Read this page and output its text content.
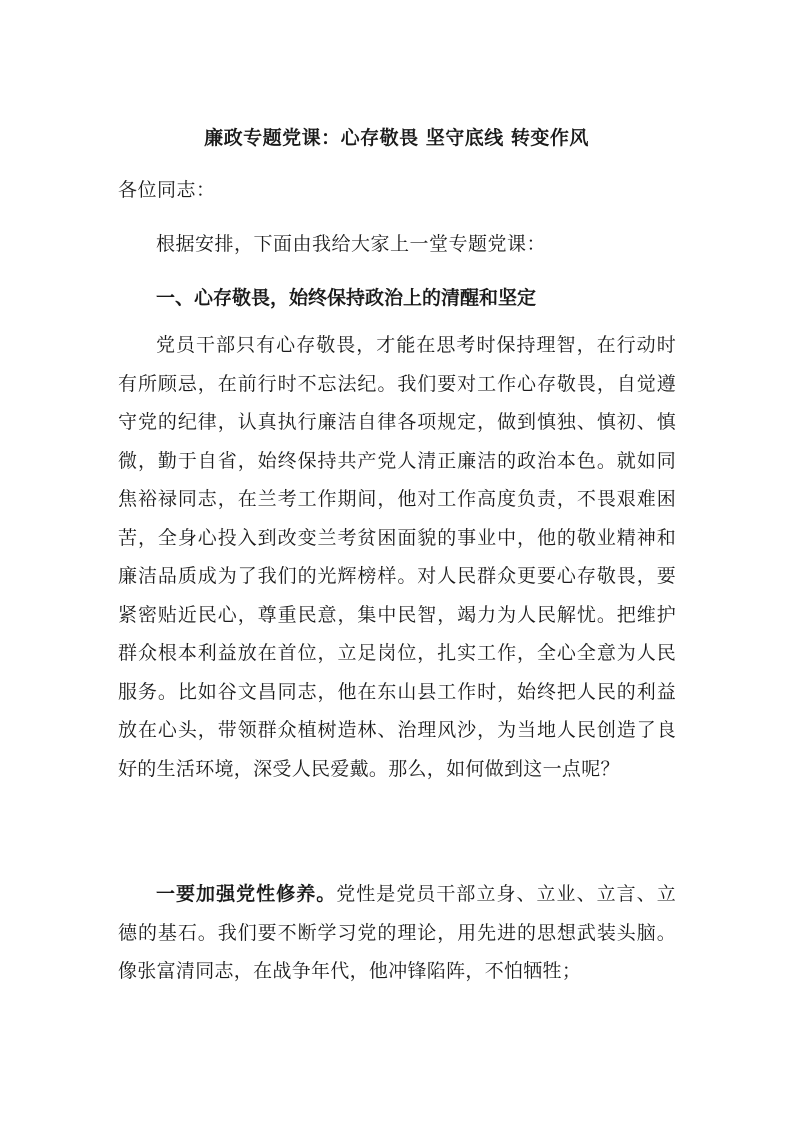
廉政专题党课：心存敬畏 坚守底线 转变作风
各位同志：
根据安排，下面由我给大家上一堂专题党课：
一、心存敬畏，始终保持政治上的清醒和坚定

党员干部只有心存敬畏，才能在思考时保持理智，在行动时有所顾忌，在前行时不忘法纪。我们要对工作心存敬畏，自觉遵守党的纪律，认真执行廉洁自律各项规定，做到慎独、慎初、慎微，勤于自省，始终保持共产党人清正廉洁的政治本色。就如同焦裕禄同志，在兰考工作期间，他对工作高度负责，不畏艰难困苦，全身心投入到改变兰考贫困面貌的事业中，他的敬业精神和廉洁品质成为了我们的光辉榜样。对人民群众更要心存敬畏，要紧密贴近民心，尊重民意，集中民智，竭力为人民解忧。把维护群众根本利益放在首位，立足岗位，扎实工作，全心全意为人民服务。比如谷文昌同志，他在东山县工作时，始终把人民的利益放在心头，带领群众植树造林、治理风沙，为当地人民创造了良好的生活环境，深受人民爱戴。那么，如何做到这一点呢？

一要加强党性修养。党性是党员干部立身、立业、立言、立德的基石。我们要不断学习党的理论，用先进的思想武装头脑。像张富清同志，在战争年代，他冲锋陷阵，不怕牺牲；
